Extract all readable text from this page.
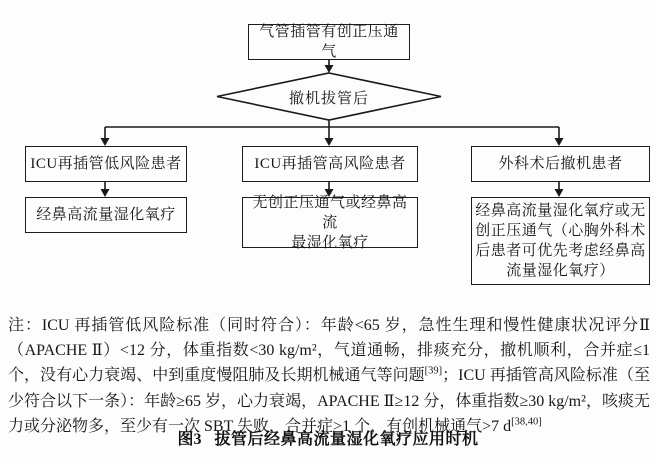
气管插管有创正压通气
撤机拔管后
ICU再插管低风险患者	ICU再插管高风险患者	外科术后撤机患者
经鼻高流量湿化氧疗
无创正压通气或经鼻高流
最湿化氧疗
经鼻高流量湿化氧疗或无
创正压通气（心胸外科术
后患者可优先考虑经鼻高
流量湿化氧疗）

注：ICU 再插管低风险标准（同时符合）：年龄<65 岁，急性生理和慢性健康状况评分Ⅱ（APACHE Ⅱ）<12 分，体重指数<30 kg/m²，气道通畅，排痰充分，撤机顺利，合并症≤1 个，没有心力衰竭、中到重度慢阻肺及长期机械通气等问题[39]；ICU 再插管高风险标准（至少符合以下一条）：年龄≥65 岁，心力衰竭，APACHE Ⅱ≥12 分，体重指数≥30 kg/m²，咳痰无力或分泌物多，至少有一次 SBT 失败，合并症>1 个，有创机械通气>7 d[38,40]

图3 拔管后经鼻高流量湿化氧疗应用时机
